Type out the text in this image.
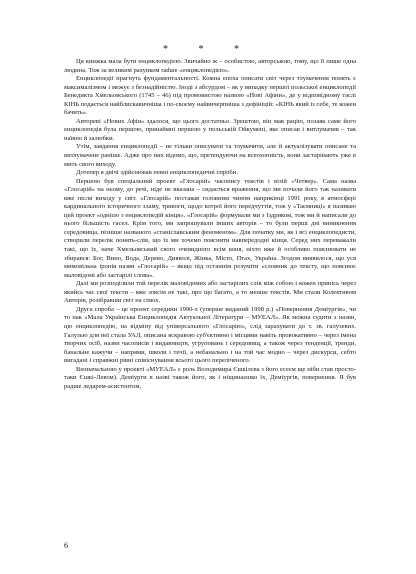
* * *

Ця книжка мала бути енциклопедією. Звичайно ж – особистою, авторською, тому, що її пише одна людина. Тож за великим рахунком radше «енциклопедією».

Енциклопедії прагнуть фундаментальності. Кожна епоха описати світ через тлумачення понять є максималізмом і межує з безнадійністю. Іноді з абсурдом – як у випадку першої польської енциклопедії Бенедикта Хмельовського (1745 – 46) під промовистою назвою «Нові Афіни», де у відповідному гаслі КІНЬ подається найблискавичніша і по-своєму найвичерпніша з дефініцій: «КІНЬ який із себе, те кожен бачить».

Автореві «Нових Афін» здалося, що цього достатньо. Зрештою, він мав рацію, позаяк саме його енциклопедія була першою, принаймні першою у польській Ойкумені, яке описав і витлумачив – так наївно й залюбки.

Утім, завдання енциклопедії – не тільки описувати та тлумачити, але й актуалізувати описане та витлумачене раніше. Адже про них відомо, що, претендуючи на всеохопність, вони застарівають уже в мить свого виходу.

Дотепер я двічі здійснював певні енциклопедичні спроби.

Першою був спеціальний проект «Глосарій» часопису текстів і візій «Четвер». Сама назва «Глосарій» на ньому, до речі, ніде не вказана – сидається враження, що ми почали його так називати вже після виходу у світ. «Глосарій» поставав головним чином наприкінці 1991 року, в атмосфері кардинального історичного зламу, тривоги, щодо котрої його передчуттів, тож у «Таємниці» я називаю цей проект «однією з енциклопедій кінця». «Глосарій» формували ми з Іздриком, тож ми й написали до нього більшість гасел. Крім того, ми запрошували інших авторів – то були перші дні виникнення середовища, пізніше названого «станіславським феноменом». Для початку ми, як і всі енциклопедисти, створили перелік понять-слів, що їх ми хочемо пояснити навпередодні кінця. Серед них переважали такі, що їх, наче Хмельовський свого очевидного всім коня, ніхто вже й особливо пояснювати не збирався: Бог, Вино, Вода, Дерево, Дияволі, Жінка, Місто, Птах, Україна. Згодом виявилося, що уся мимовільна іронія назви «Глосарій» – якщо під останнім розуміти «словник до тексту, що пояснює маловідомі або застарілі слова».

Далі ми розподілили той перелік маловідомих або застарілих слів між собою і кожен принісь через якийсь час свої тексти – вже зовсім не такі, про що багато, а то менше текстів. Ми стали Колективом Авторів, розібравши світ на сімох.

Друга спроба – це проект середини 1990-х (уперше виданий 1998 р.) «Повернення Деміургів», чи то пак «Мала Українська Енциклопедія Актуальної Літератури – МУЕАЛ». Як можна судити з назви, цю енциклопедію, на відміну від універсального «Глосарію», слід зарахувати до т. зв. галузевих. Галузью для неї стала УАЛ, описана яскравою суб'єктивно і місцями навіть провокативно – через імена творчих осіб, назви часописів і видавництв, угруповань і середовищ, а також через тенденції, тренди, банальне кажучи – напрями, школи і течії, а небанально і на той час модно – через дискурси, себто вигадані і справжні рівні співіснування всього цього переліченого.

Визначальною у проекті «МУЕАЛ» є роль Володимира Єшкілєва з його есеєм ще ніби став просто-таки Єшкі-Левом). Деміурги в назві також його, як і ніщинаєшко їх, Деміургів, повернення. Я був радше ледарем-асистентом,

6
